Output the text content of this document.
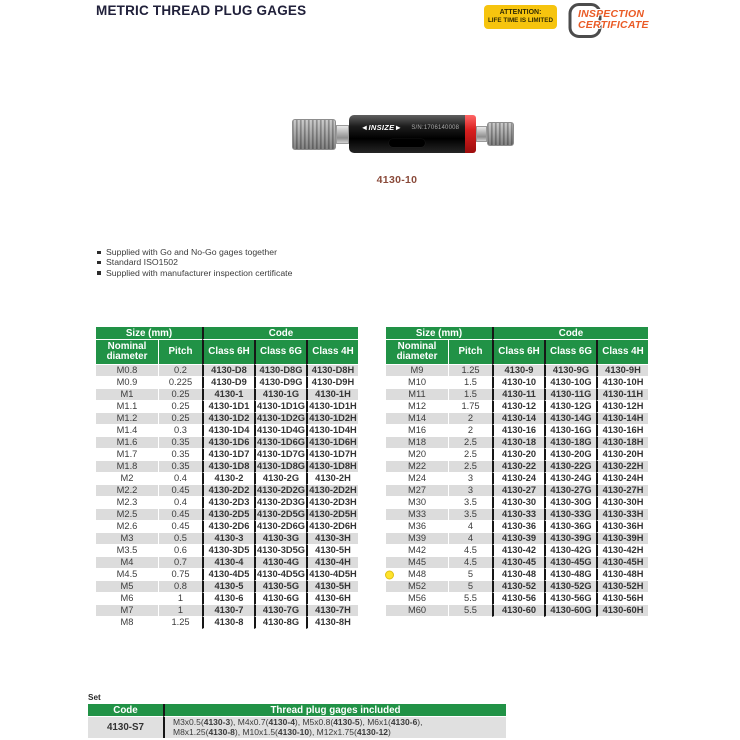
METRIC THREAD PLUG GAGES	ATTENTION:
LIFE TIME IS LIMITED
INSPECTION
CERTIFICATE
◄INSIZE► S/N:1706140008
4130-10
Supplied with Go and No-Go gages together
Standard ISO1502
Supplied with manufacturer inspection certificate
Size (mm)		Code		
Nominal diameter	Pitch	Class 6H	Class 6G	Class 4H
M0.8	0.2	4130-D8	4130-D8G	4130-D8H
M0.9	0.225	4130-D9	4130-D9G	4130-D9H
M1	0.25	4130-1	4130-1G	4130-1H
M1.1	0.25	4130-1D1	4130-1D1G	4130-1D1H
M1.2	0.25	4130-1D2	4130-1D2G	4130-1D2H
M1.4	0.3	4130-1D4	4130-1D4G	4130-1D4H
M1.6	0.35	4130-1D6	4130-1D6G	4130-1D6H
M1.7	0.35	4130-1D7	4130-1D7G	4130-1D7H
M1.8	0.35	4130-1D8	4130-1D8G	4130-1D8H
M2	0.4	4130-2	4130-2G	4130-2H
M2.2	0.45	4130-2D2	4130-2D2G	4130-2D2H
M2.3	0.4	4130-2D3	4130-2D3G	4130-2D3H
M2.5	0.45	4130-2D5	4130-2D5G	4130-2D5H
M2.6	0.45	4130-2D6	4130-2D6G	4130-2D6H
M3	0.5	4130-3	4130-3G	4130-3H
M3.5	0.6	4130-3D5	4130-3D5G	4130-5H
M4	0.7	4130-4	4130-4G	4130-4H
M4.5	0.75	4130-4D5	4130-4D5G	4130-4D5H
M5	0.8	4130-5	4130-5G	4130-5H
M6	1	4130-6	4130-6G	4130-6H
M7	1	4130-7	4130-7G	4130-7H
M8	1.25	4130-8	4130-8G	4130-8H
Size (mm)		Code		
Nominal diameter	Pitch	Class 6H	Class 6G	Class 4H
M9	1.25	4130-9	4130-9G	4130-9H
M10	1.5	4130-10	4130-10G	4130-10H
M11	1.5	4130-11	4130-11G	4130-11H
M12	1.75	4130-12	4130-12G	4130-12H
M14	2	4130-14	4130-14G	4130-14H
M16	2	4130-16	4130-16G	4130-16H
M18	2.5	4130-18	4130-18G	4130-18H
M20	2.5	4130-20	4130-20G	4130-20H
M22	2.5	4130-22	4130-22G	4130-22H
M24	3	4130-24	4130-24G	4130-24H
M27	3	4130-27	4130-27G	4130-27H
M30	3.5	4130-30	4130-30G	4130-30H
M33	3.5	4130-33	4130-33G	4130-33H
M36	4	4130-36	4130-36G	4130-36H
M39	4	4130-39	4130-39G	4130-39H
M42	4.5	4130-42	4130-42G	4130-42H
M45	4.5	4130-45	4130-45G	4130-45H
M48	5	4130-48	4130-48G	4130-48H
M52	5	4130-52	4130-52G	4130-52H
M56	5.5	4130-56	4130-56G	4130-56H
M60	5.5	4130-60	4130-60G	4130-60H
Set
Code	Thread plug gages included
4130-S7	M3x0.5(4130-3), M4x0.7(4130-4), M5x0.8(4130-5), M6x1(4130-6),
M8x1.25(4130-8), M10x1.5(4130-10), M12x1.75(4130-12)
